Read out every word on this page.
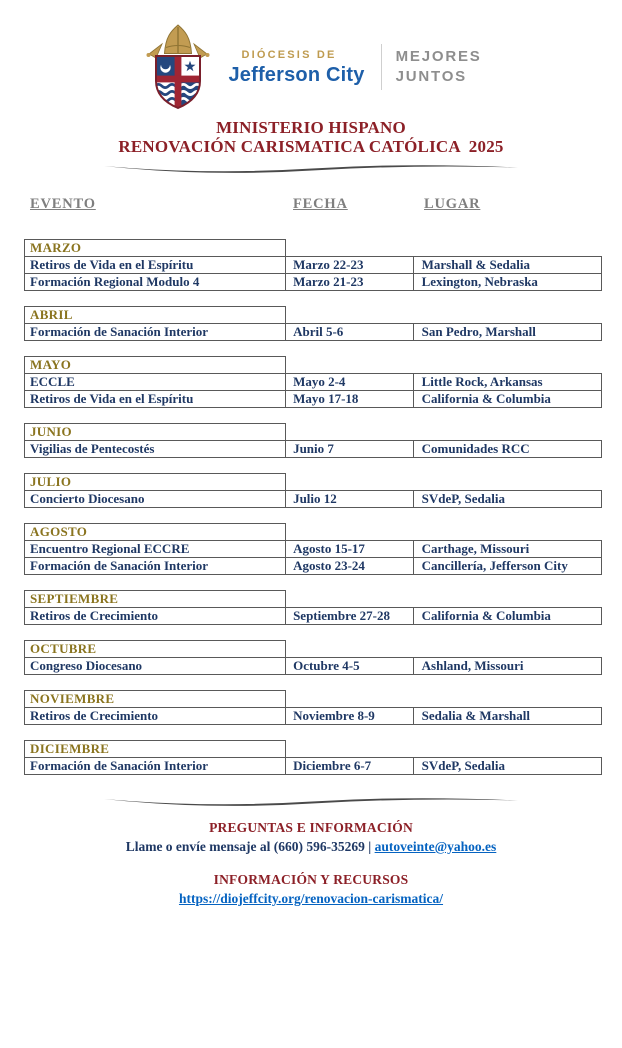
DIÓCESIS DE
Jefferson City
MEJORES
JUNTOS
MINISTERIO HISPANO
RENOVACIÓN CARISMATICA CATÓLICA  2025
EVENTO	FECHA	LUGAR
MARZO
Retiros de Vida en el Espíritu	Marzo 22-23	Marshall & Sedalia
Formación Regional Modulo 4	Marzo 21-23	Lexington, Nebraska
ABRIL
Formación de Sanación Interior	Abril 5-6	San Pedro, Marshall
MAYO
ECCLE	Mayo 2-4	Little Rock, Arkansas
Retiros de Vida en el Espíritu	Mayo 17-18	California & Columbia
JUNIO
Vigilias de Pentecostés	Junio 7	Comunidades RCC
JULIO
Concierto Diocesano	Julio 12	SVdeP, Sedalia
AGOSTO
Encuentro Regional ECCRE	Agosto 15-17	Carthage, Missouri
Formación de Sanación Interior	Agosto 23-24	Cancillería, Jefferson City
SEPTIEMBRE
Retiros de Crecimiento	Septiembre 27-28	California & Columbia
OCTUBRE
Congreso Diocesano	Octubre 4-5	Ashland, Missouri
NOVIEMBRE
Retiros de Crecimiento	Noviembre 8-9	Sedalia & Marshall
DICIEMBRE
Formación de Sanación Interior	Diciembre 6-7	SVdeP, Sedalia
PREGUNTAS E INFORMACIÓN
Llame o envíe mensaje al (660) 596-35269 | autoveinte@yahoo.es
INFORMACIÓN Y RECURSOS
https://diojeffcity.org/renovacion-carismatica/
